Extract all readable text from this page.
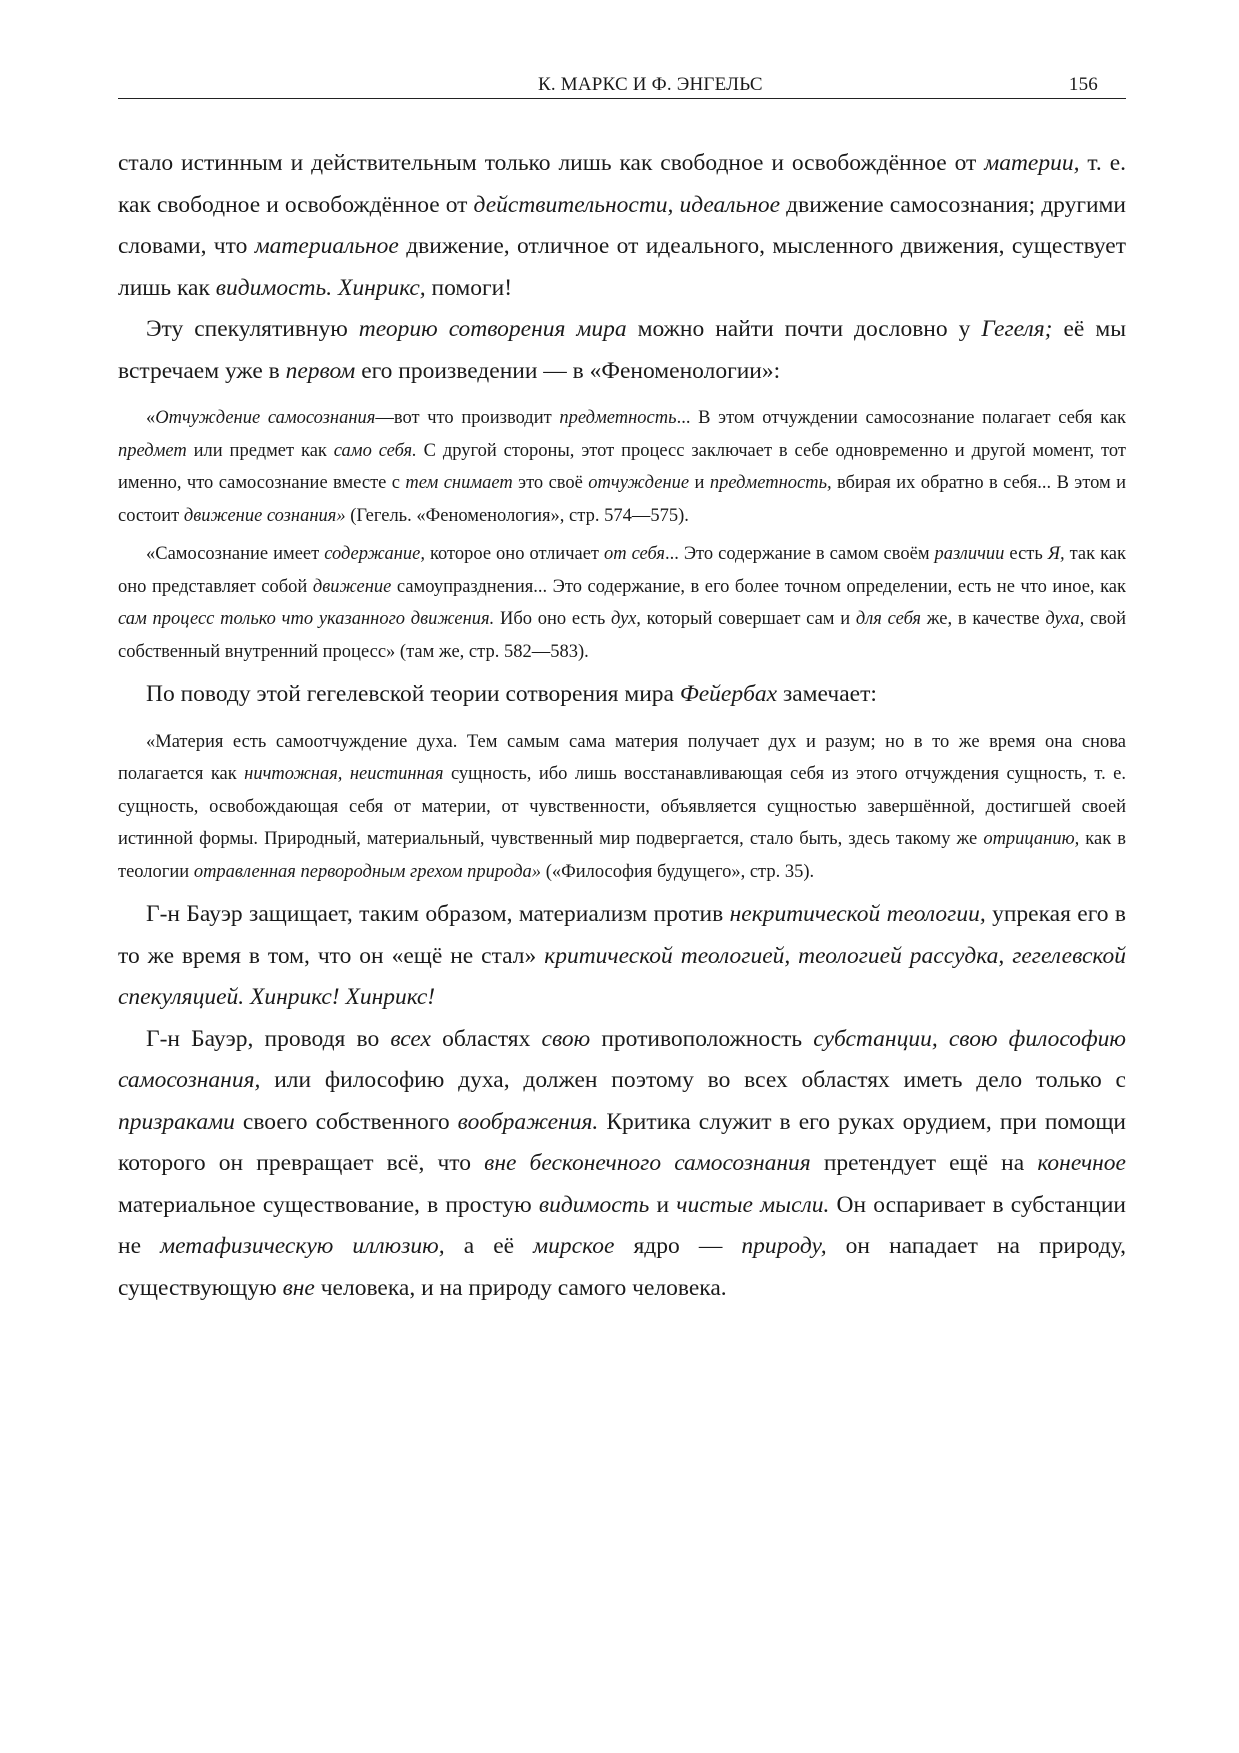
К. МАРКС И Ф. ЭНГЕЛЬС	156

стало истинным и действительным только лишь как свободное и освобождённое от материи, т. е. как свободное и освобождённое от действительности, идеальное движение самосознания; другими словами, что материальное движение, отличное от идеального, мысленного движения, существует лишь как видимость. Хинрикс, помоги!

Эту спекулятивную теорию сотворения мира можно найти почти дословно у Гегеля; её мы встречаем уже в первом его произведении — в «Феноменологии»:

«Отчуждение самосознания—вот что производит предметность... В этом отчуждении самосознание полагает себя как предмет или предмет как само себя. С другой стороны, этот процесс заключает в себе одновременно и другой момент, тот именно, что самосознание вместе с тем снимает это своё отчуждение и предметность, вбирая их обратно в себя... В этом и состоит движение сознания» (Гегель. «Феноменология», стр. 574—575).

«Самосознание имеет содержание, которое оно отличает от себя... Это содержание в самом своём различии есть Я, так как оно представляет собой движение самоупразднения... Это содержание, в его более точном определении, есть не что иное, как сам процесс только что указанного движения. Ибо оно есть дух, который совершает сам и для себя же, в качестве духа, свой собственный внутренний процесс» (там же, стр. 582—583).

По поводу этой гегелевской теории сотворения мира Фейербах замечает:

«Материя есть самоотчуждение духа. Тем самым сама материя получает дух и разум; но в то же время она снова полагается как ничтожная, неистинная сущность, ибо лишь восстанавливающая себя из этого отчуждения сущность, т. е. сущность, освобождающая себя от материи, от чувственности, объявляется сущностью завершённой, достигшей своей истинной формы. Природный, материальный, чувственный мир подвергается, стало быть, здесь такому же отрицанию, как в теологии отравленная первородным грехом природа» («Философия будущего», стр. 35).

Г-н Бауэр защищает, таким образом, материализм против некритической теологии, упрекая его в то же время в том, что он «ещё не стал» критической теологией, теологией рассудка, гегелевской спекуляцией. Хинрикс! Хинрикс!

Г-н Бауэр, проводя во всех областях свою противоположность субстанции, свою философию самосознания, или философию духа, должен поэтому во всех областях иметь дело только с призраками своего собственного воображения. Критика служит в его руках орудием, при помощи которого он превращает всё, что вне бесконечного самосознания претендует ещё на конечное материальное существование, в простую видимость и чистые мысли. Он оспаривает в субстанции не метафизическую иллюзию, а её мирское ядро — природу, он нападает на природу, существующую вне человека, и на природу самого человека.
